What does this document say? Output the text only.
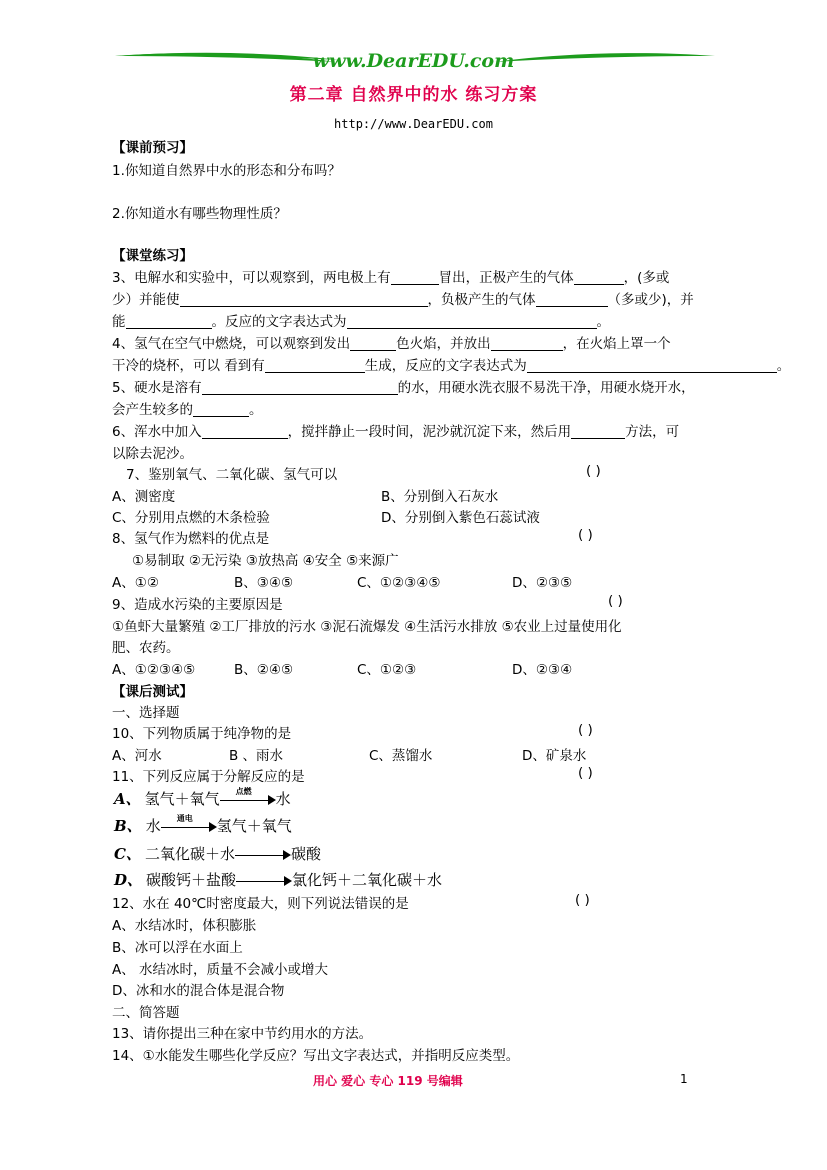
www.DearEDU.com
第二章 自然界中的水 练习方案
http://www.DearEDU.com
【课前预习】
1.你知道自然界中水的形态和分布吗？
2.你知道水有哪些物理性质？
【课堂练习】
3、电解水和实验中，可以观察到，两电极上有	冒出，正极产生的气体	，(多或
少）并能使	，负极产生的气体	（多或少)，并
能	。反应的文字表达式为	。
4、氢气在空气中燃烧，可以观察到发出	色火焰，并放出	，在火焰上罩一个
干冷的烧杯，可以 看到有	生成，反应的文字表达式为	。
5、硬水是溶有	的水，用硬水洗衣服不易洗干净，用硬水烧开水，
会产生较多的	。
6、浑水中加入	，搅拌静止一段时间，泥沙就沉淀下来，然后用	方法，可
以除去泥沙。
7、鉴别氧气、二氧化碳、氢气可以	( )
A、测密度	B、分别倒入石灰水
C、分别用点燃的木条检验	D、分别倒入紫色石蕊试液
8、氢气作为燃料的优点是	( )
①易制取 ②无污染 ③放热高 ④安全 ⑤来源广
A、①②	B、③④⑤	C、①②③④⑤	D、②③⑤
9、造成水污染的主要原因是	( )
①鱼虾大量繁殖 ②工厂排放的污水 ③泥石流爆发 ④生活污水排放 ⑤农业上过量使用化
肥、农药。
A、①②③④⑤	B、②④⑤	C、①②③	D、②③④
【课后测试】
一、选择题
10、下列物质属于纯净物的是	( )
A、河水	B 、雨水	C、蒸馏水	D、矿泉水
11、下列反应属于分解反应的是	( )
A、 氢气＋氧气	点燃	水
B、 水	通电	氢气＋氧气
C、 二氧化碳＋水	碳酸
D、 碳酸钙＋盐酸	氯化钙＋二氧化碳＋水
12、水在 40℃时密度最大，则下列说法错误的是	( )
A、水结冰时，体积膨胀
B、冰可以浮在水面上
A、 水结冰时，质量不会减小或增大
D、冰和水的混合体是混合物
二、简答题
13、请你提出三种在家中节约用水的方法。
14、①水能发生哪些化学反应？写出文字表达式，并指明反应类型。
用心 爱心 专心 119 号编辑	1
